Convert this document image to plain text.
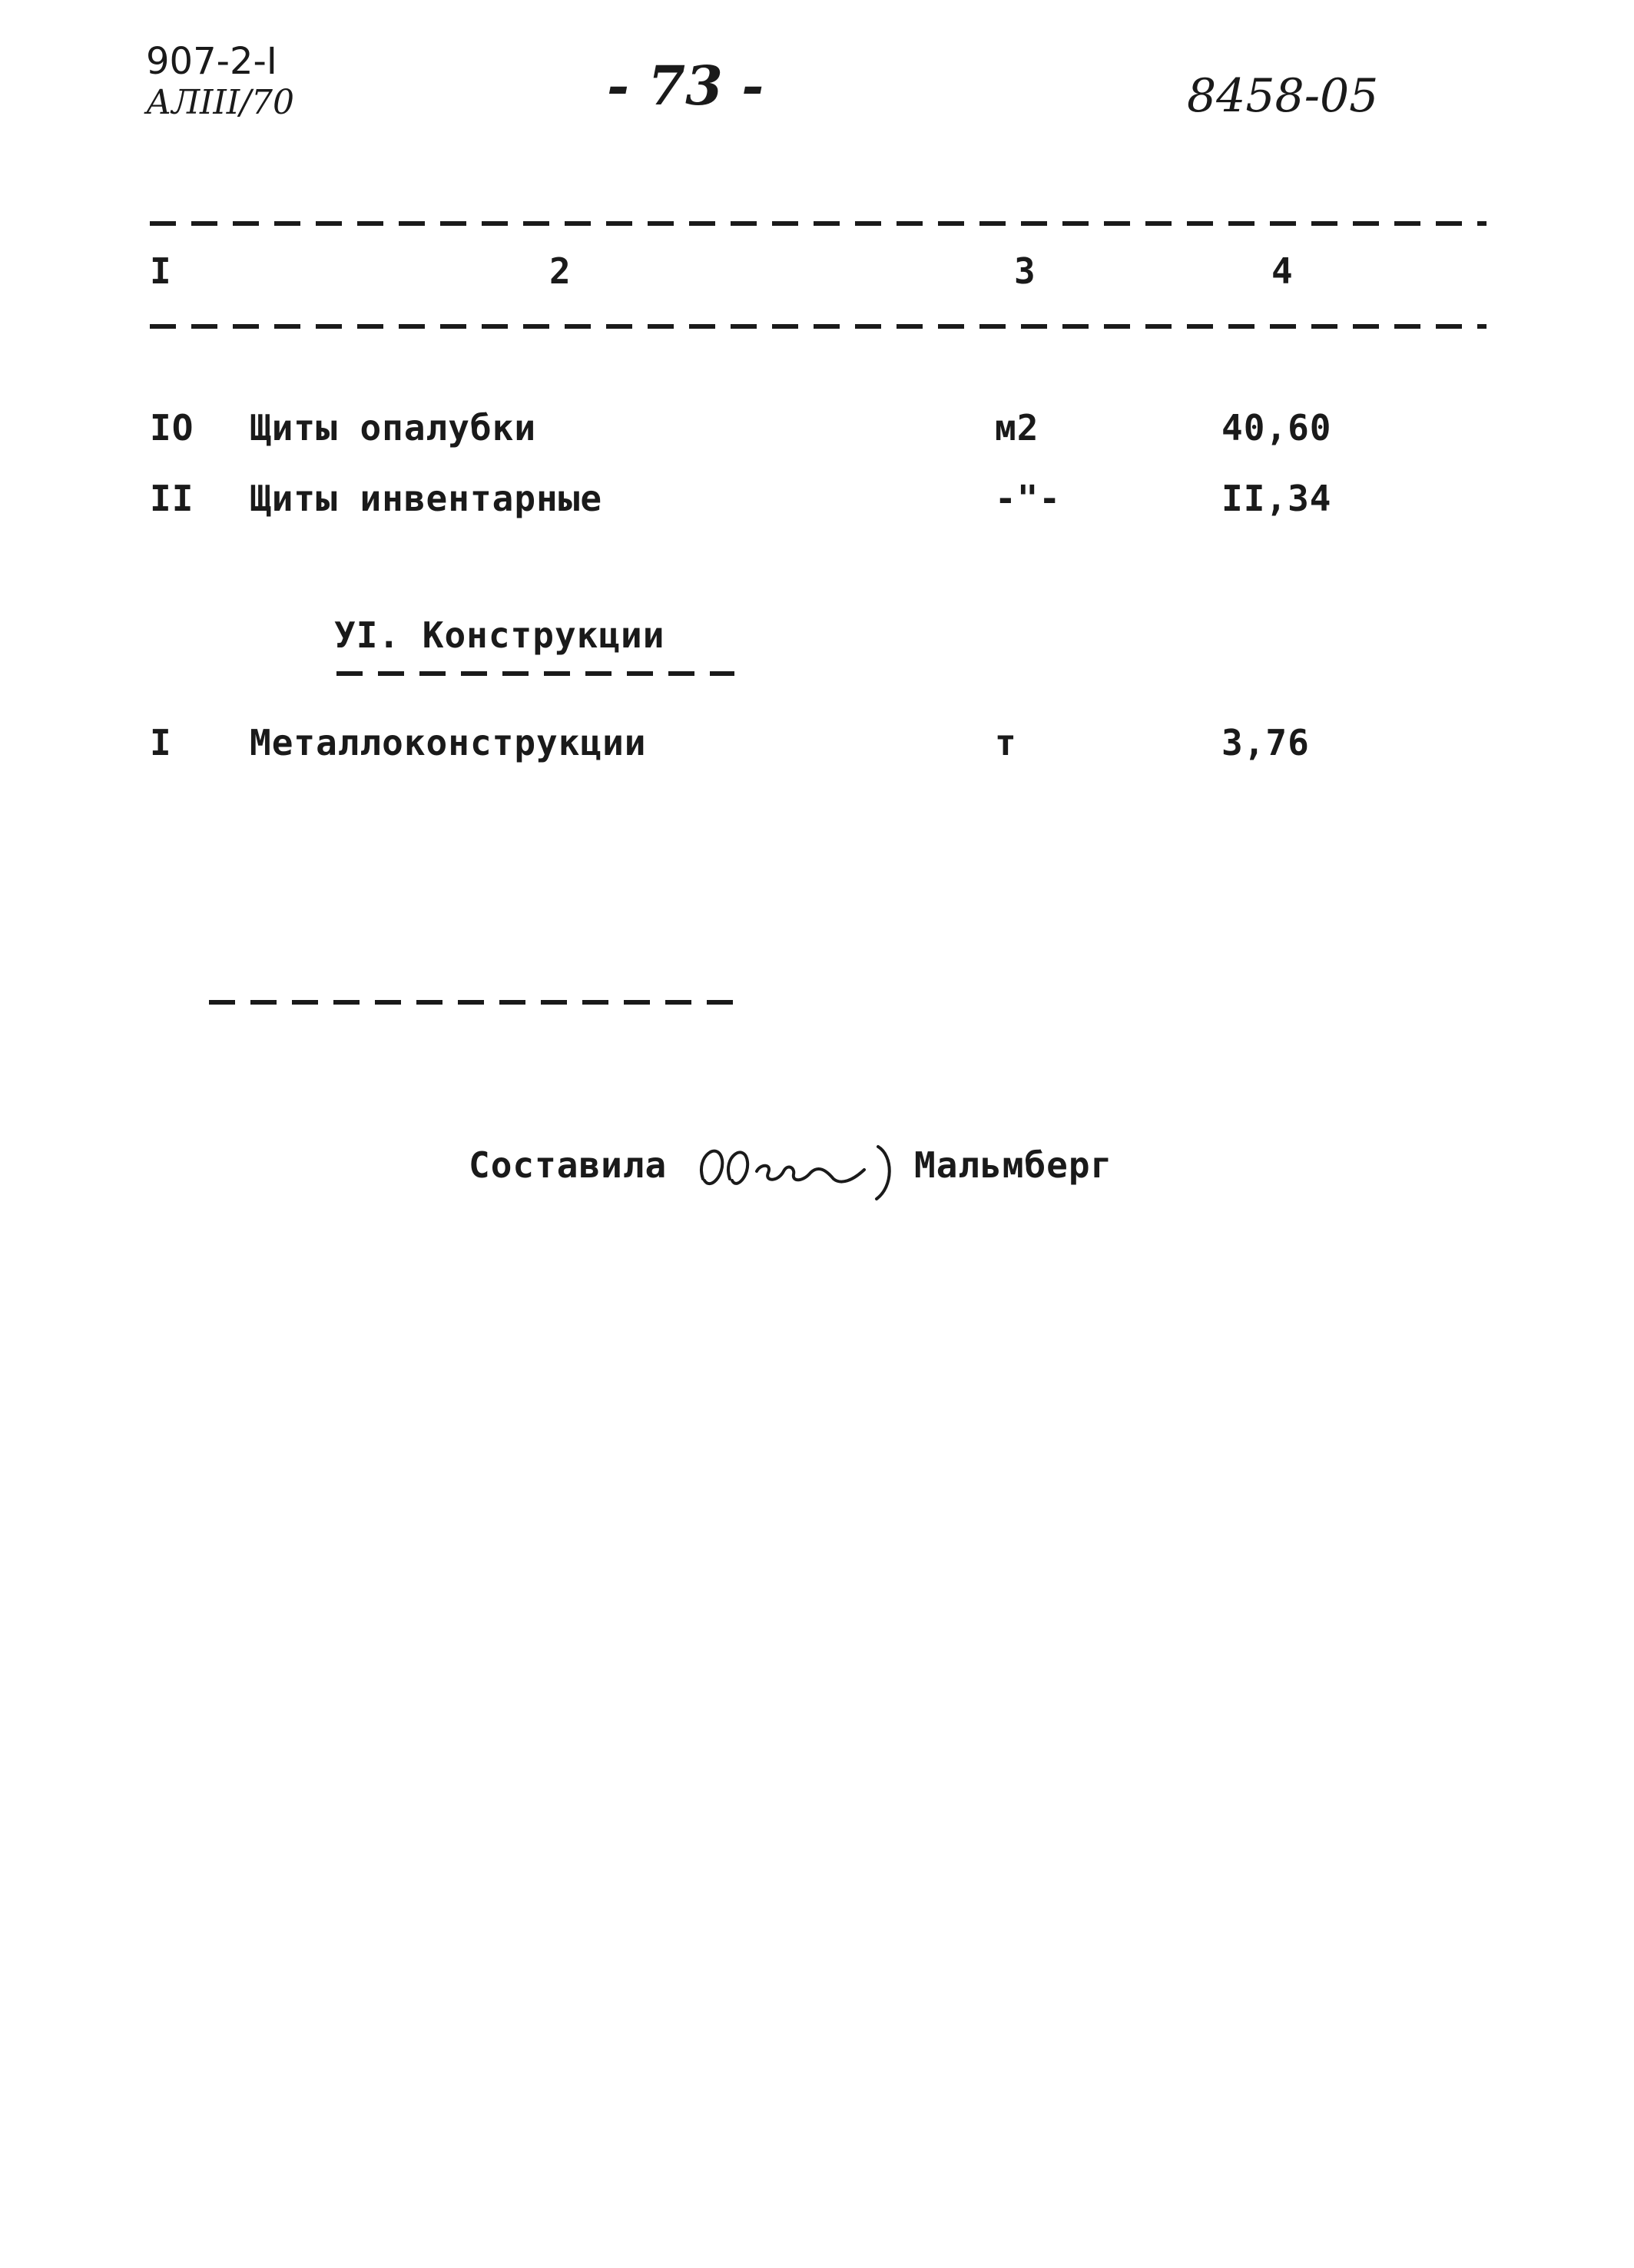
907-2-I
АЛIII/70	- 73 -	8458-05
I	2	3	4
IO Щиты опалубки	м2	40,60
II Щиты инвентарные	-"-	II,34
УI. Конструкции
I Металлоконструкции	т	3,76
Составила	Мальмберг
